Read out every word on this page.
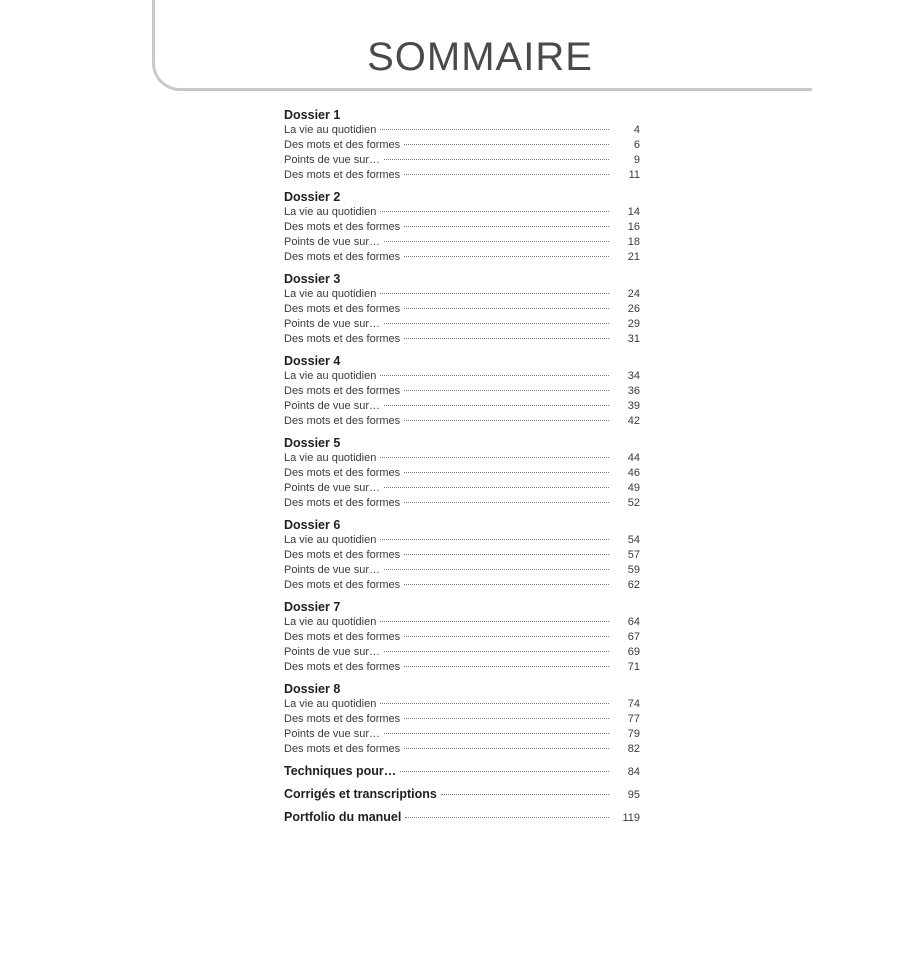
SOMMAIRE
Dossier 1
La vie au quotidien	4
Des mots et des formes	6
Points de vue sur…	9
Des mots et des formes	11
Dossier 2
La vie au quotidien	14
Des mots et des formes	16
Points de vue sur…	18
Des mots et des formes	21
Dossier 3
La vie au quotidien	24
Des mots et des formes	26
Points de vue sur…	29
Des mots et des formes	31
Dossier 4
La vie au quotidien	34
Des mots et des formes	36
Points de vue sur…	39
Des mots et des formes	42
Dossier 5
La vie au quotidien	44
Des mots et des formes	46
Points de vue sur…	49
Des mots et des formes	52
Dossier 6
La vie au quotidien	54
Des mots et des formes	57
Points de vue sur…	59
Des mots et des formes	62
Dossier 7
La vie au quotidien	64
Des mots et des formes	67
Points de vue sur…	69
Des mots et des formes	71
Dossier 8
La vie au quotidien	74
Des mots et des formes	77
Points de vue sur…	79
Des mots et des formes	82
Techniques pour…	84
Corrigés et transcriptions	95
Portfolio du manuel	119
